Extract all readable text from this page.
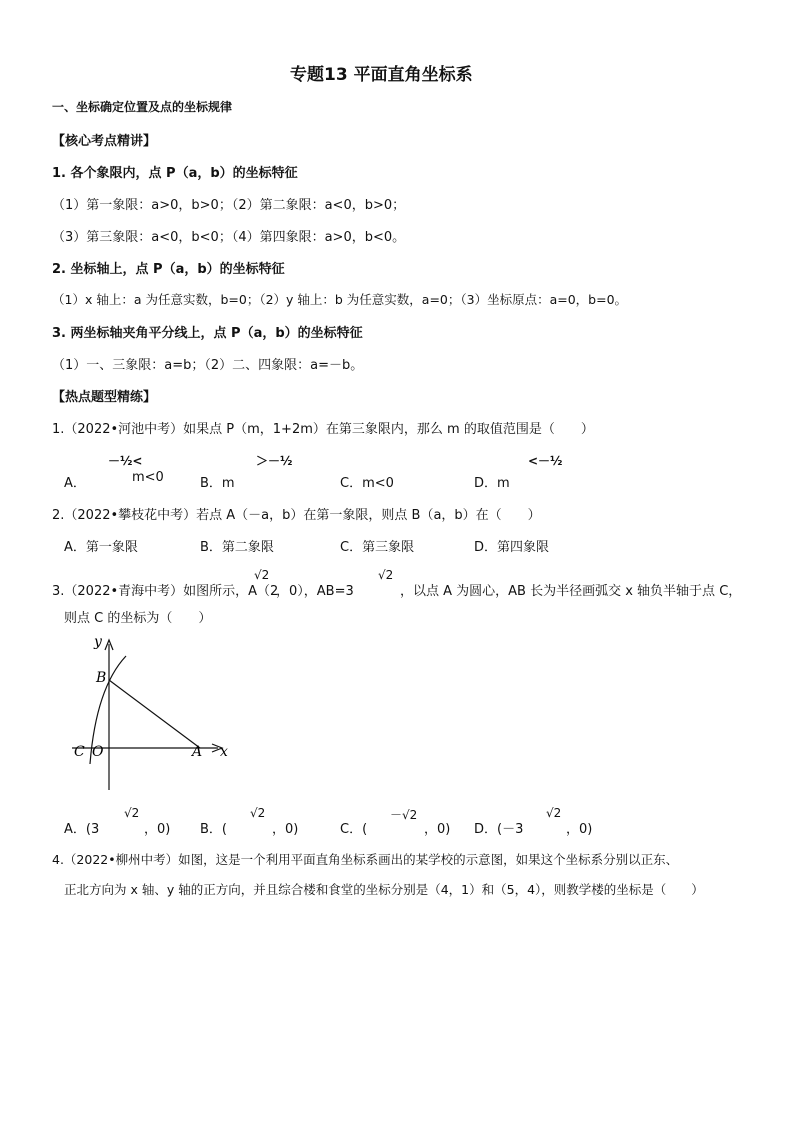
专题13 平面直角坐标系
一、坐标确定位置及点的坐标规律
【核心考点精讲】
1. 各个象限内，点 P（a，b）的坐标特征
（1）第一象限：a>0，b>0；（2）第二象限：a<0，b>0；
（3）第三象限：a<0，b<0；（4）第四象限：a>0，b<0。
2. 坐标轴上，点 P（a，b）的坐标特征
（1）x 轴上：a 为任意实数，b=0；（2）y 轴上：b 为任意实数，a=0；（3）坐标原点：a=0，b=0。
3. 两坐标轴夹角平分线上，点 P（a，b）的坐标特征
（1）一、三象限：a=b；（2）二、四象限：a=－b。
【热点题型精练】
1.（2022•河池中考）如果点 P（m，1+2m）在第三象限内，那么 m 的取值范围是（　　）
A．
－½<
m<0	B．m
＞－½
C．m<0	D．m
<－½
2.（2022•攀枝花中考）若点 A（－a，b）在第一象限，则点 B（a，b）在（　　）
A．第一象限	B．第二象限	C．第三象限	D．第四象限
3.（2022•青海中考）如图所示，A（2
√2
，0），AB=3
√2
，以点 A 为圆心，AB 长为半径画弧交 x 轴负半轴于点 C，
则点 C 的坐标为（　　）
y
B
C O	A x
A．(3
√2
，0) B．(
√2
，0)	C．(
－√2
，0) D．(－3
√2
，0)
4.（2022•柳州中考）如图，这是一个利用平面直角坐标系画出的某学校的示意图，如果这个坐标系分别以正东、
正北方向为 x 轴、y 轴的正方向，并且综合楼和食堂的坐标分别是（4，1）和（5，4），则教学楼的坐标是（　　）
